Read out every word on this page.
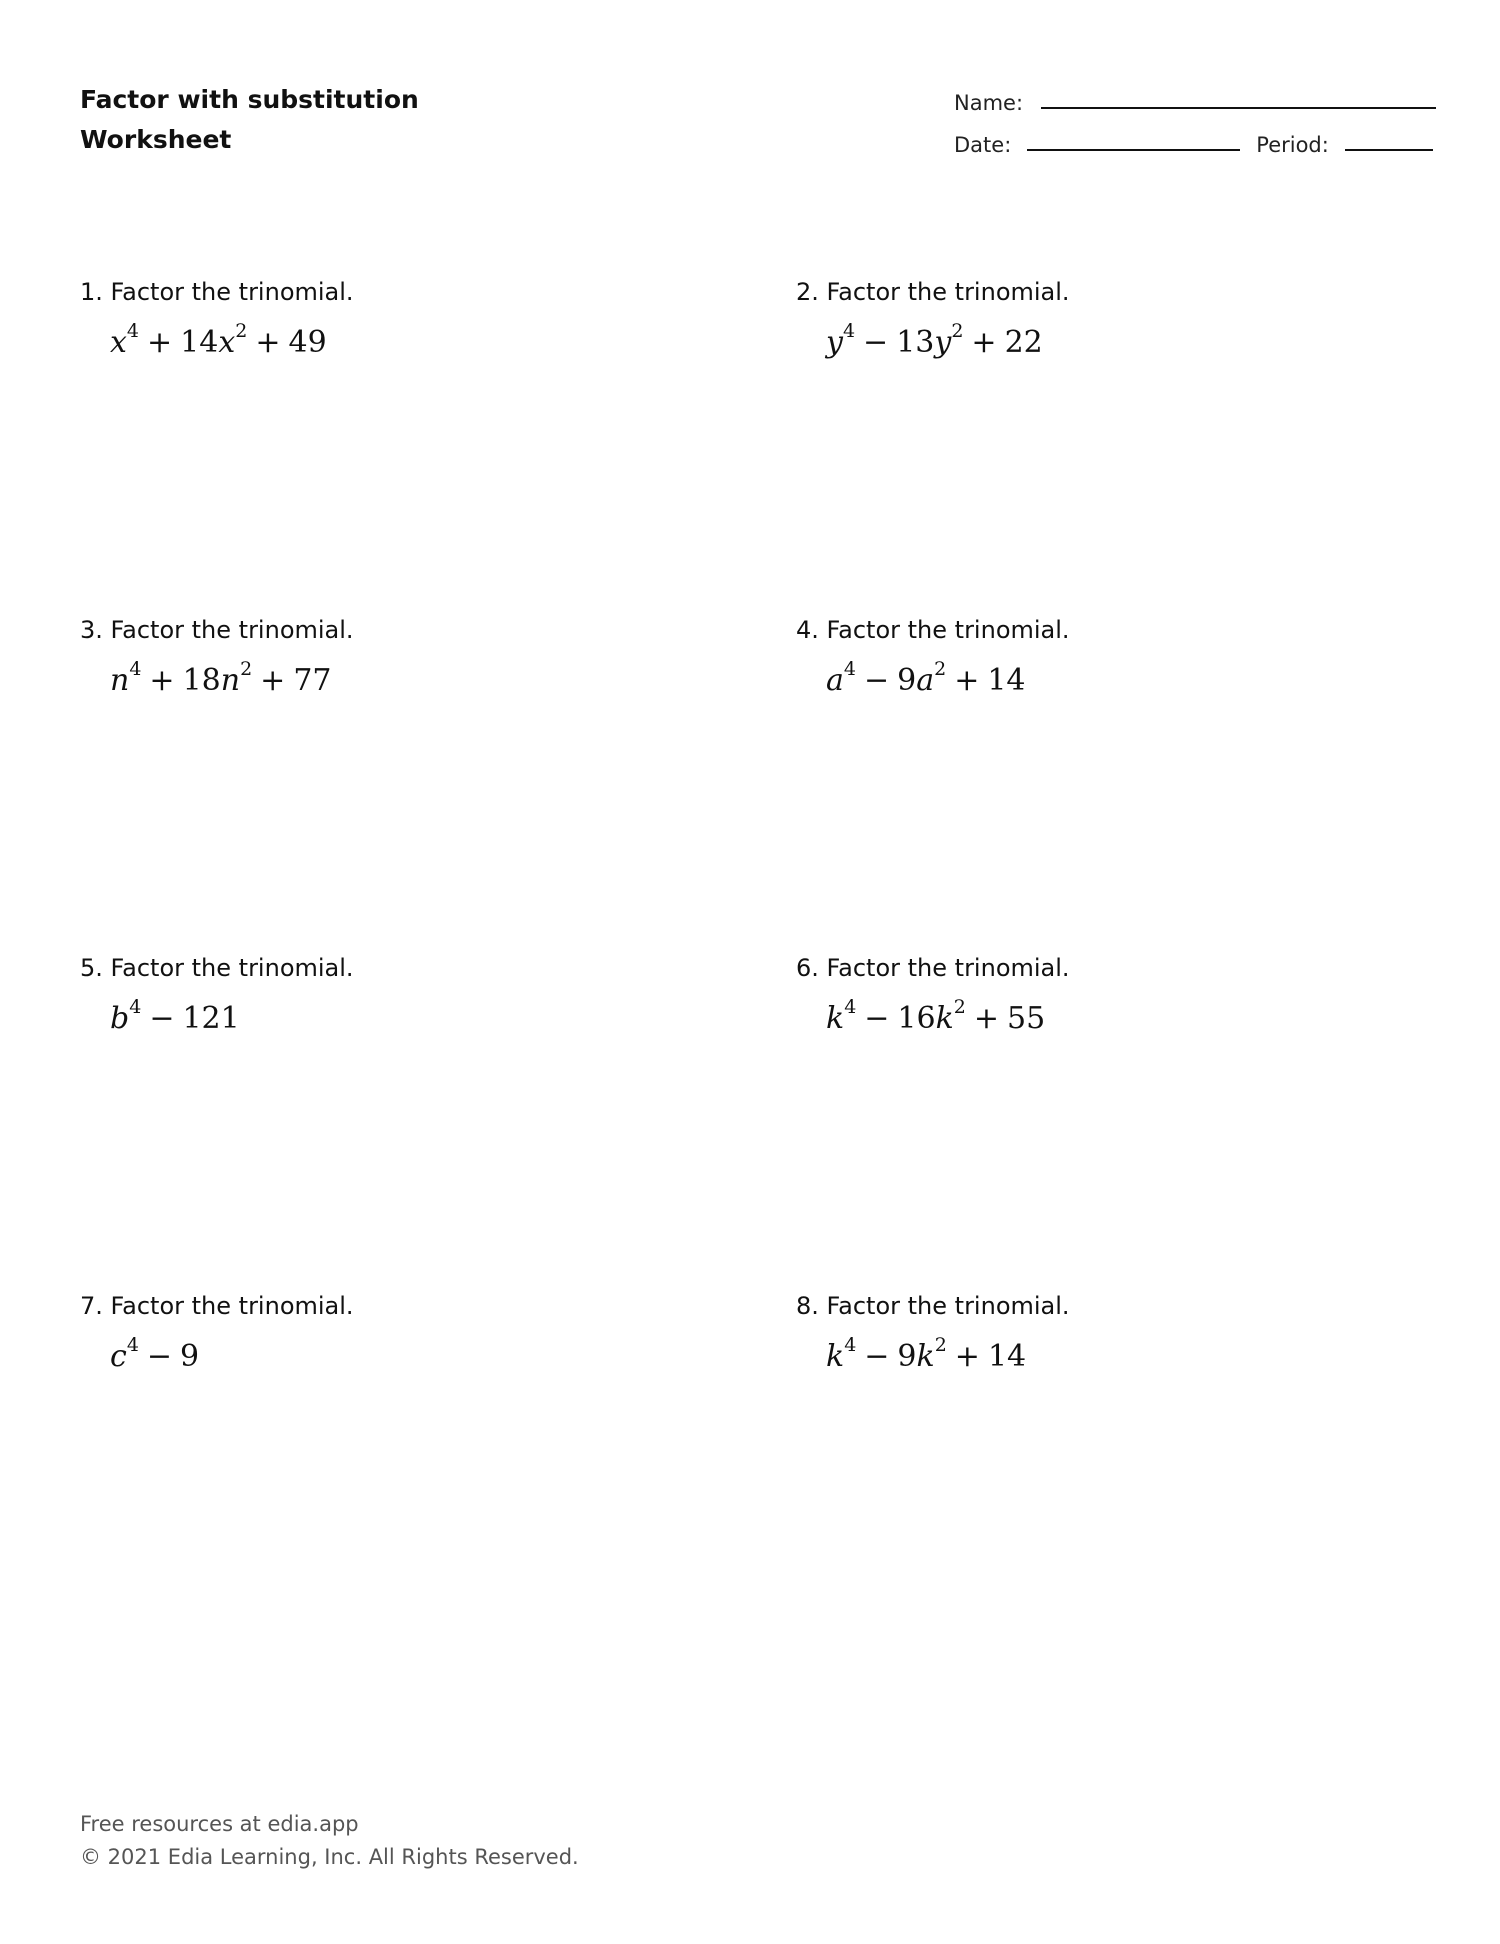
Factor with substitution
Worksheet
Name:
Date:	Period:
1. Factor the trinomial.
$x^4 + 14x^2 + 49$
2. Factor the trinomial.
$y^4 - 13y^2 + 22$
3. Factor the trinomial.
$n^4 + 18n^2 + 77$
4. Factor the trinomial.
$a^4 - 9a^2 + 14$
5. Factor the trinomial.
$b^4 - 121$
6. Factor the trinomial.
$k^4 - 16k^2 + 55$
7. Factor the trinomial.
$c^4 - 9$
8. Factor the trinomial.
$k^4 - 9k^2 + 14$
Free resources at edia.app
© 2021 Edia Learning, Inc. All Rights Reserved.
